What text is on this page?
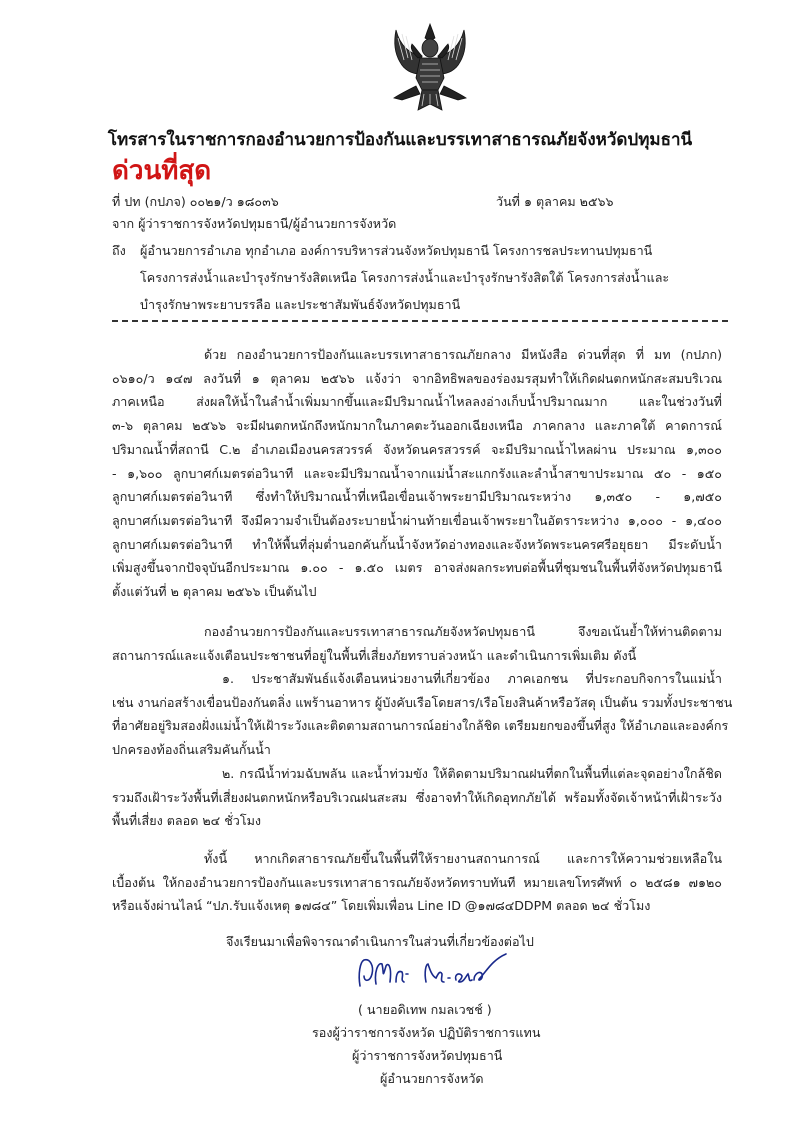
โทรสารในราชการกองอำนวยการป้องกันและบรรเทาสาธารณภัยจังหวัดปทุมธานี
ด่วนที่สุด
ที่ ปท (กปภจ) ๐๐๒๑/ว ๑๘๐๓๖	วันที่ ๑ ตุลาคม ๒๕๖๖
จาก ผู้ว่าราชการจังหวัดปทุมธานี/ผู้อำนวยการจังหวัด
ถึง ผู้อำนวยการอำเภอ ทุกอำเภอ องค์การบริหารส่วนจังหวัดปทุมธานี โครงการชลประทานปทุมธานี
โครงการส่งน้ำและบำรุงรักษารังสิตเหนือ โครงการส่งน้ำและบำรุงรักษารังสิตใต้ โครงการส่งน้ำและ
บำรุงรักษาพระยาบรรลือ และประชาสัมพันธ์จังหวัดปทุมธานี
ด้วย กองอำนวยการป้องกันและบรรเทาสาธารณภัยกลาง มีหนังสือ ด่วนที่สุด ที่ มท (กปภก)
๐๖๑๐/ว ๑๔๗ ลงวันที่ ๑ ตุลาคม ๒๕๖๖ แจ้งว่า จากอิทธิพลของร่องมรสุมทำให้เกิดฝนตกหนักสะสมบริเวณ
ภาคเหนือ ส่งผลให้น้ำในลำน้ำเพิ่มมากขึ้นและมีปริมาณน้ำไหลลงอ่างเก็บน้ำปริมาณมาก และในช่วงวันที่
๓-๖ ตุลาคม ๒๕๖๖ จะมีฝนตกหนักถึงหนักมากในภาคตะวันออกเฉียงเหนือ ภาคกลาง และภาคใต้ คาดการณ์
ปริมาณน้ำที่สถานี C.๒ อำเภอเมืองนครสวรรค์ จังหวัดนครสวรรค์ จะมีปริมาณน้ำไหลผ่าน ประมาณ ๑,๓๐๐
- ๑,๖๐๐ ลูกบาศก์เมตรต่อวินาที และจะมีปริมาณน้ำจากแม่น้ำสะแกกรังและลำน้ำสาขาประมาณ ๕๐ - ๑๕๐
ลูกบาศก์เมตรต่อวินาที ซึ่งทำให้ปริมาณน้ำที่เหนือเขื่อนเจ้าพระยามีปริมาณระหว่าง ๑,๓๕๐ - ๑,๗๕๐
ลูกบาศก์เมตรต่อวินาที จึงมีความจำเป็นต้องระบายน้ำผ่านท้ายเขื่อนเจ้าพระยาในอัตราระหว่าง ๑,๐๐๐ - ๑,๔๐๐
ลูกบาศก์เมตรต่อวินาที ทำให้พื้นที่ลุ่มต่ำนอกคันกั้นน้ำจังหวัดอ่างทองและจังหวัดพระนครศรีอยุธยา มีระดับน้ำ
เพิ่มสูงขึ้นจากปัจจุบันอีกประมาณ ๑.๐๐ - ๑.๕๐ เมตร อาจส่งผลกระทบต่อพื้นที่ชุมชนในพื้นที่จังหวัดปทุมธานี
ตั้งแต่วันที่ ๒ ตุลาคม ๒๕๖๖ เป็นต้นไป
กองอำนวยการป้องกันและบรรเทาสาธารณภัยจังหวัดปทุมธานี จึงขอเน้นย้ำให้ท่านติดตาม
สถานการณ์และแจ้งเตือนประชาชนที่อยู่ในพื้นที่เสี่ยงภัยทราบล่วงหน้า และดำเนินการเพิ่มเติม ดังนี้
๑. ประชาสัมพันธ์แจ้งเตือนหน่วยงานที่เกี่ยวข้อง ภาคเอกชน ที่ประกอบกิจการในแม่น้ำ
เช่น งานก่อสร้างเขื่อนป้องกันตลิ่ง แพร้านอาหาร ผู้บังคับเรือโดยสาร/เรือโยงสินค้าหรือวัสดุ เป็นต้น รวมทั้งประชาชน
ที่อาศัยอยู่ริมสองฝั่งแม่น้ำให้เฝ้าระวังและติดตามสถานการณ์อย่างใกล้ชิด เตรียมยกของขึ้นที่สูง ให้อำเภอและองค์กร
ปกครองท้องถิ่นเสริมคันกั้นน้ำ
๒. กรณีน้ำท่วมฉับพลัน และน้ำท่วมขัง ให้ติดตามปริมาณฝนที่ตกในพื้นที่แต่ละจุดอย่างใกล้ชิด
รวมถึงเฝ้าระวังพื้นที่เสี่ยงฝนตกหนักหรือบริเวณฝนสะสม ซึ่งอาจทำให้เกิดอุทกภัยได้ พร้อมทั้งจัดเจ้าหน้าที่เฝ้าระวัง
พื้นที่เสี่ยง ตลอด ๒๔ ชั่วโมง
ทั้งนี้ หากเกิดสาธารณภัยขึ้นในพื้นที่ให้รายงานสถานการณ์ และการให้ความช่วยเหลือใน
เบื้องต้น ให้กองอำนวยการป้องกันและบรรเทาสาธารณภัยจังหวัดทราบทันที หมายเลขโทรศัพท์ ๐ ๒๕๘๑ ๗๑๒๐
หรือแจ้งผ่านไลน์ “ปภ.รับแจ้งเหตุ ๑๗๘๔” โดยเพิ่มเพื่อน Line ID @๑๗๘๔DDPM ตลอด ๒๔ ชั่วโมง
จึงเรียนมาเพื่อพิจารณาดำเนินการในส่วนที่เกี่ยวข้องต่อไป
( นายอดิเทพ กมลเวชช์ )
รองผู้ว่าราชการจังหวัด ปฏิบัติราชการแทน
ผู้ว่าราชการจังหวัดปทุมธานี
ผู้อำนวยการจังหวัด
